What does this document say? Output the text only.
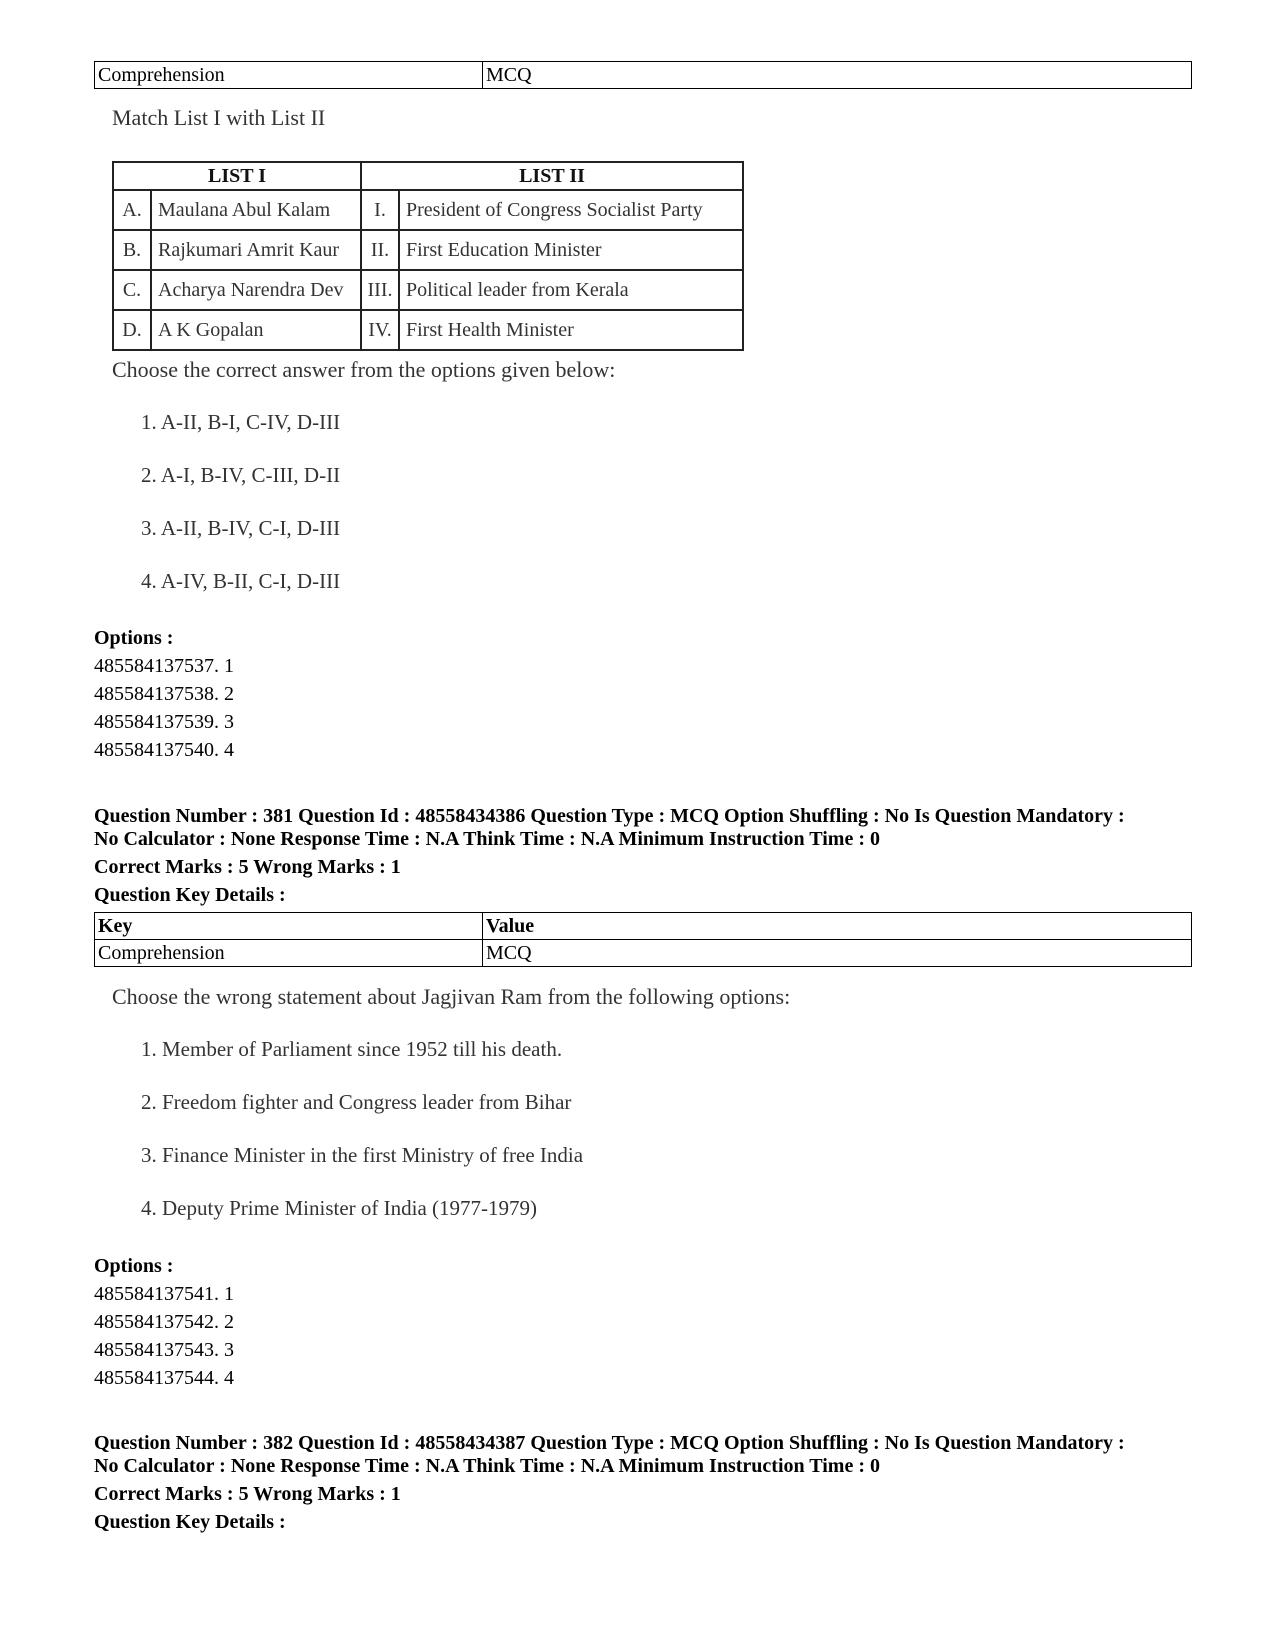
Comprehension	MCQ
Match List I with List II
LIST I		LIST II	
A.	Maulana Abul Kalam	I.	President of Congress Socialist Party
B.	Rajkumari Amrit Kaur	II.	First Education Minister
C.	Acharya Narendra Dev	III.	Political leader from Kerala
D.	A K Gopalan	IV.	First Health Minister
Choose the correct answer from the options given below:
1. A-II, B-I, C-IV, D-III
2. A-I, B-IV, C-III, D-II
3. A-II, B-IV, C-I, D-III
4. A-IV, B-II, C-I, D-III
Options :
485584137537. 1
485584137538. 2
485584137539. 3
485584137540. 4
Question Number : 381 Question Id : 48558434386 Question Type : MCQ Option Shuffling : No Is Question Mandatory :
No Calculator : None Response Time : N.A Think Time : N.A Minimum Instruction Time : 0
Correct Marks : 5 Wrong Marks : 1
Question Key Details :
Key	Value
Comprehension	MCQ
Choose the wrong statement about Jagjivan Ram from the following options:
1. Member of Parliament since 1952 till his death.
2. Freedom fighter and Congress leader from Bihar
3. Finance Minister in the first Ministry of free India
4. Deputy Prime Minister of India (1977-1979)
Options :
485584137541. 1
485584137542. 2
485584137543. 3
485584137544. 4
Question Number : 382 Question Id : 48558434387 Question Type : MCQ Option Shuffling : No Is Question Mandatory :
No Calculator : None Response Time : N.A Think Time : N.A Minimum Instruction Time : 0
Correct Marks : 5 Wrong Marks : 1
Question Key Details :
